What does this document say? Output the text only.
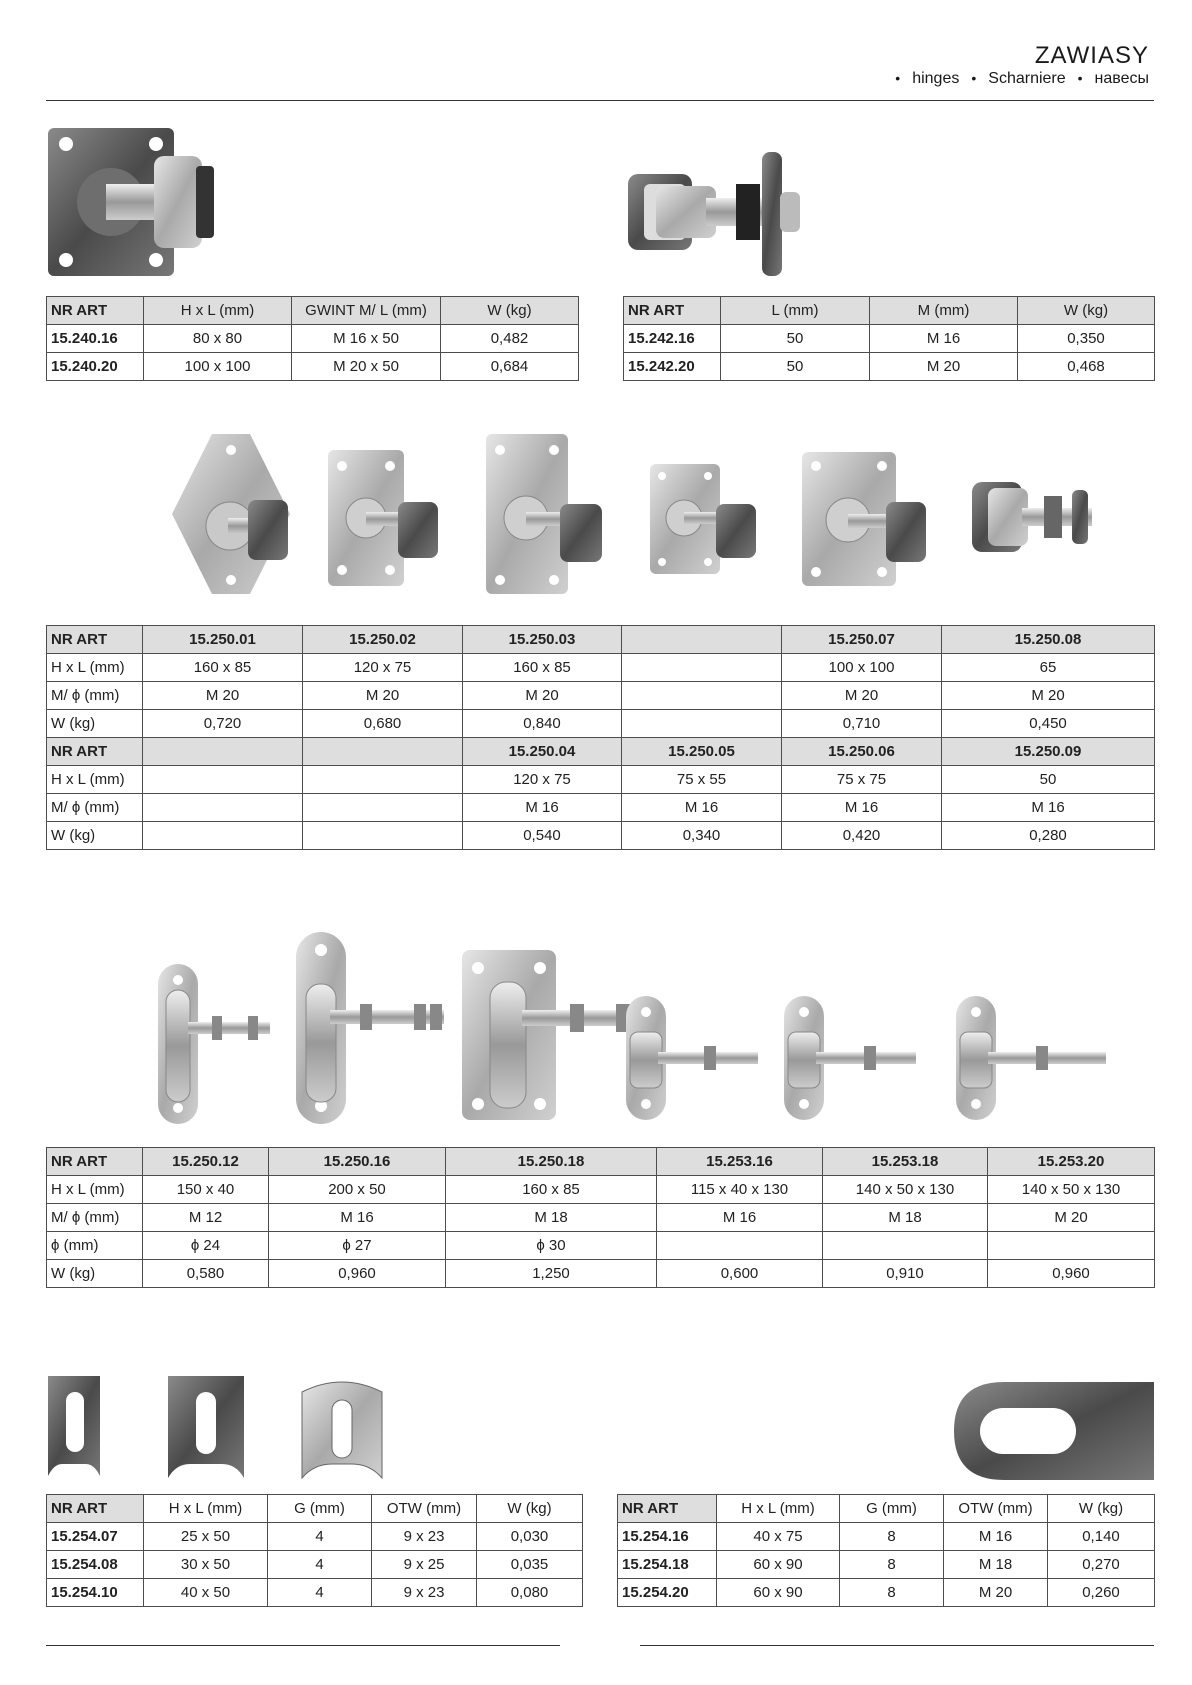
ZAWIASY
• hinges • Scharniere • навесы
NR ART	H x L (mm)	GWINT M/ L (mm)	W (kg)
15.240.16	80 x 80	M 16 x 50	0,482
15.240.20	100 x 100	M 20 x 50	0,684
NR ART	L (mm)	M (mm)	W (kg)
15.242.16	50	M 16	0,350
15.242.20	50	M 20	0,468
NR ART	15.250.01	15.250.02	15.250.03		15.250.07	15.250.08
H x L (mm)	160 x 85	120 x 75	160 x 85		100 x 100	65
M/ ϕ (mm)	M 20	M 20	M 20		M 20	M 20
W (kg)	0,720	0,680	0,840		0,710	0,450
NR ART			15.250.04	15.250.05	15.250.06	15.250.09
H x L (mm)			120 x 75	75 x 55	75 x 75	50
M/ ϕ (mm)			M 16	M 16	M 16	M 16
W (kg)			0,540	0,340	0,420	0,280
NR ART	15.250.12	15.250.16	15.250.18	15.253.16	15.253.18	15.253.20
H x L (mm)	150 x 40	200 x 50	160 x 85	115 x 40 x 130	140 x 50 x 130	140 x 50 x 130
M/ ϕ (mm)	M 12	M 16	M 18	M 16	M 18	M 20
ϕ (mm)	ϕ 24	ϕ 27	ϕ 30			
W (kg)	0,580	0,960	1,250	0,600	0,910	0,960
NR ART	H x L (mm)	G (mm)	OTW (mm)	W (kg)
15.254.07	25 x 50	4	9 x 23	0,030
15.254.08	30 x 50	4	9 x 25	0,035
15.254.10	40 x 50	4	9 x 23	0,080
NR ART	H x L (mm)	G (mm)	OTW (mm)	W (kg)
15.254.16	40 x 75	8	M 16	0,140
15.254.18	60 x 90	8	M 18	0,270
15.254.20	60 x 90	8	M 20	0,260
